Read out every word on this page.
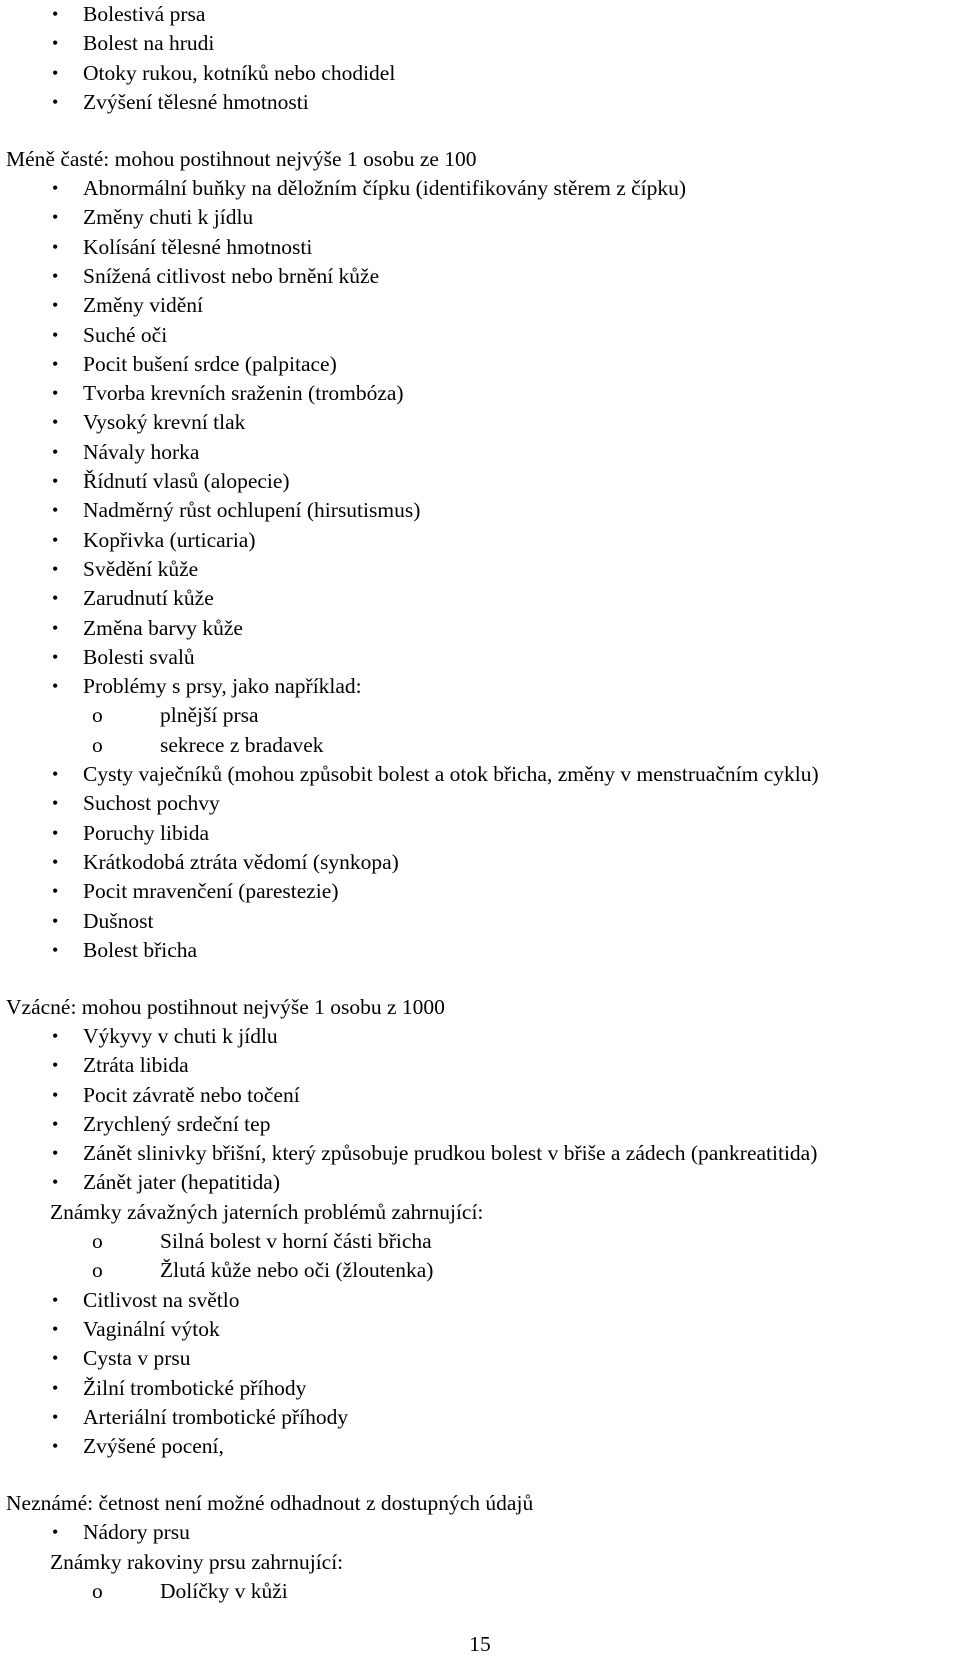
• Bolestivá prsa
• Bolest na hrudi
• Otoky rukou, kotníků nebo chodidel
• Zvýšení tělesné hmotnosti
Méně časté: mohou postihnout nejvýše 1 osobu ze 100
• Abnormální buňky na děložním čípku (identifikovány stěrem z čípku)
• Změny chuti k jídlu
• Kolísání tělesné hmotnosti
• Snížená citlivost nebo brnění kůže
• Změny vidění
• Suché oči
• Pocit bušení srdce (palpitace)
• Tvorba krevních sraženin (trombóza)
• Vysoký krevní tlak
• Návaly horka
• Řídnutí vlasů (alopecie)
• Nadměrný růst ochlupení (hirsutismus)
• Kopřivka (urticaria)
• Svědění kůže
• Zarudnutí kůže
• Změna barvy kůže
• Bolesti svalů
• Problémy s prsy, jako například:
o	plnější prsa
o	sekrece z bradavek
• Cysty vaječníků (mohou způsobit bolest a otok břicha, změny v menstruačním cyklu)
• Suchost pochvy
• Poruchy libida
• Krátkodobá ztráta vědomí (synkopa)
• Pocit mravenčení (parestezie)
• Dušnost
• Bolest břicha
Vzácné: mohou postihnout nejvýše 1 osobu z 1000
• Výkyvy v chuti k jídlu
• Ztráta libida
• Pocit závratě nebo točení
• Zrychlený srdeční tep
• Zánět slinivky břišní, který způsobuje prudkou bolest v břiše a zádech (pankreatitida)
• Zánět jater (hepatitida)
Známky závažných jaterních problémů zahrnující:
o	Silná bolest v horní části břicha
o	Žlutá kůže nebo oči (žloutenka)
• Citlivost na světlo
• Vaginální výtok
• Cysta v prsu
• Žilní trombotické příhody
• Arteriální trombotické příhody
• Zvýšené pocení,
Neznámé: četnost není možné odhadnout z dostupných údajů
• Nádory prsu
Známky rakoviny prsu zahrnující:
o	Dolíčky v kůži
15
